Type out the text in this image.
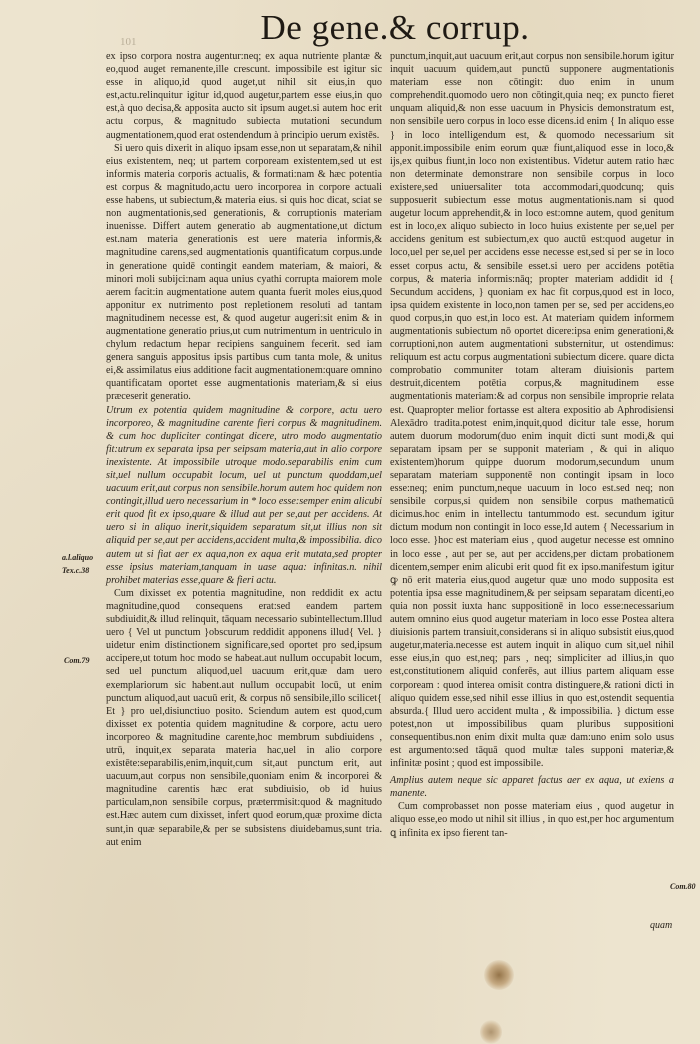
De gene.& corrup.
101

ex ipso corpora nostra augentur:neq; ex aqua nutriente plantæ & eo,quod auget remanente,ille crescunt. impossibile est igitur sic esse in aliquo,id quod auget,ut nihil sit eius,in quo est,actu.relinquitur igitur id,quod augetur,partem esse eius,in quo est,à quo decisa,& apposita aucto sit ipsum auget.si autem hoc erit actu corpus, & magnitudo subiecta mutationi secundum augmentationem,quod erat ostendendum à principio uerum existēs.

Si uero quis dixerit in aliquo ipsam esse,non ut separatam,& nihil eius existentem, neq; ut partem corpoream existentem,sed ut est informis materia corporis actualis, & formati:nam & hæc potentia est corpus & magnitudo,actu uero incorporea in corpore actuali esse habens, ut subiectum,& materia eius. si quis hoc dicat, sciat se non augmentationis,sed generationis, & corruptionis materiam inuenisse. Differt autem generatio ab augmentatione,ut dictum est.nam materia generationis est uere materia informis,& magnitudine carens,sed augmentationis quantificatum corpus.unde in generatione quidē contingit eandem materiam, & maiori, & minori moli subijci:nam aqua unius cyathi corrupta maiorem mole aerem facit:in augmentatione autem quanta fuerit moles eius,quod apponitur ex nutrimento post repletionem resoluti ad tantam magnitudinem necesse est, & quod augetur augeri:sit enim & in augmentatione generatio prius,ut cum nutrimentum in uentriculo in chylum redactum hepar recipiens sanguinem fecerit. sed iam genera sanguis appositus ipsis partibus cum tanta mole, & unitus ei,& assimilatus eius additione facit augmentationem:quare omnino quantificatam oportet esse augmentationis materiam,& si eius præceserit generatio.

Utrum ex potentia quidem magnitudine & corpore, actu uero incorporeo, & magnitudine carente fieri corpus & magnitudinem. & cum hoc dupliciter contingat dicere, utro modo augmentatio fit:utrum ex separata ipsa per seipsam materia,aut in alio corpore inexistente. At impossibile utroque modo.separabilis enim cum sit,uel nullum occupabit locum, uel ut punctum quoddam,uel uacuum erit,aut corpus non sensibile.horum autem hoc quidem non contingit,illud uero necessarium in * loco esse:semper enim alicubi erit quod fit ex ipso,quare & illud aut per se,aut per accidens. At uero si in aliquo inerit,siquidem separatum sit,ut illius non sit aliquid per se,aut per accidens,accident multa,& impossibilia. dico autem ut si fiat aer ex aqua,non ex aqua erit mutata,sed propter esse ipsius materiam,tanquam in uase aqua: infinitas.n. nihil prohibet materias esse,quare & fieri actu.

Cum dixisset ex potentia magnitudine, non reddidit ex actu magnitudine,quod consequens erat:sed eandem partem subdiuidit,& illud relinquit, tāquam necessario subintellectum.Illud uero { Vel ut punctum }obscurum reddidit apponens illud{ Vel. } uidetur enim distinctionem significare,sed oportet pro sed,ipsum accipere,ut totum hoc modo se habeat.aut nullum occupabit locum, sed uel punctum aliquod,uel uacuum erit,quæ dam uero exemplariorum sic habent.aut nullum occupabit locū, ut enim punctum aliquod,aut uacuū erit, & corpus nō sensibile,illo scilicet{ Et } pro uel,disiunctiuo posito. Sciendum autem est quod,cum dixisset ex potentia quidem magnitudine & corpore, actu uero incorporeo & magnitudine carente,hoc membrum subdiuidens , utrū, inquit,ex separata materia hac,uel in alio corpore existēte:separabilis,enim,inquit,cum sit,aut punctum erit, aut uacuum,aut corpus non sensibile,quoniam enim & incorporei & magnitudine carentis hæc erat subdiuisio, ob id huius particulam,non sensibile corpus, præterrmisit:quod & magnitudo est.Hæc autem cum dixisset, infert quod eorum,quæ proxime dicta sunt,in quæ separabile,& per se subsistens diuidebamus,sunt tria. aut enim

punctum,inquit,aut uacuum erit,aut corpus non sensibile.horum igitur inquit uacuum quidem,aut punctū supponere augmentationis materiam esse non cōtingit: duo enim in unum comprehendit.quomodo uero non cōtingit,quia neq; ex puncto fieret unquam aliquid,& non esse uacuum in Physicis demonstratum est, non sensibile uero corpus in loco esse dicens.id enim { In aliquo esse } in loco intelligendum est, & quomodo necessarium sit apponit.impossibile enim eorum quæ fiunt,aliquod esse in loco,& ijs,ex quibus fiunt,in loco non existentibus. Videtur autem ratio hæc non determinate demonstrare non sensibile corpus in loco existere,sed uniuersaliter tota accommodari,quodcunq; quis supposuerit subiectum esse motus augmentationis.nam si quod augetur locum apprehendit,& in loco est:omne autem, quod genitum est in loco,ex aliquo subiecto in loco huius existente per se,uel per accidens genitum est subiectum,ex quo auctū est:quod augetur in loco,uel per se,uel per accidens esse necesse est,sed si per se in loco esset corpus actu, & sensibile esset.si uero per accidens potētia corpus, & materia informis:nāq; propter materiam addidit id { Secundum accidens, } quoniam ex hac fit corpus,quod est in loco, ipsa quidem existente in loco,non tamen per se, sed per accidens,eo quod corpus,in quo est,in loco est. At materiam quidem informem augmentationis subiectum nō oportet dicere:ipsa enim generationi,& corruptioni,non autem augmentationi substernitur, ut ostendimus: reliquum est actu corpus augmentationi subiectum dicere. quare dicta comprobatio communiter totam alteram diuisionis partem destruit,dicentem potētia corpus,& magnitudinem esse augmentationis materiam:& ad corpus non sensibile improprie relata est. Quapropter melior fortasse est altera expositio ab Aphrodisiensi Alexādro tradita.potest enim,inquit,quod dicitur tale esse, horum autem duorum modorum(duo enim inquit dicti sunt modi,& qui separatam ipsam per se supponit materiam , & qui in aliquo existentem)horum quippe duorum modorum,secundum unum separatam materiam supponentē non contingit ipsam in loco esse:neq; enim punctum,neque uacuum in loco est.sed neq; non sensibile corpus,si quidem non sensibile corpus mathematicū dicimus.hoc enim in intellectu tantummodo est. secundum igitur dictum modum non contingit in loco esse,Id autem { Necessarium in loco esse. }hoc est materiam eius , quod augetur necesse est omnino in loco esse , aut per se, aut per accidens,per dictam probationem dicentem,semper enim alicubi erit quod fit ex ipso.manifestum igitur ꝙ nō erit materia eius,quod augetur quæ uno modo supposita est potentia ipsa esse magnitudinem,& per seipsam separatam dicenti,eo quia non possit iuxta hanc suppositionē in loco esse:necessarium autem omnino eius quod augetur materiam in loco esse Postea altera diuisionis partem transiuit,considerans si in aliquo subsistit eius,quod augetur,materia.necesse est autem inquit in aliquo cum sit,uel nihil esse eius,in quo est,neq; pars , neq; simpliciter ad illius,in quo est,constitutionem aliquid conferēs, aut illius partem aliquam esse corpoream : quod interea omisit contra distinguere,& rationi dicti in aliquo quidem esse,sed nihil esse illius in quo est,ostendit sequentia absurda.{ Illud uero accident multa , & impossibilia. } dictum esse potest,non ut impossibilibus quam pluribus suppositioni consequentibus.non enim dixit multa quæ dam:uno enim solo usus est argumento:sed tāquā quod multæ tales supponi materiæ,& infinitæ posint ; quod est impossibile.

Amplius autem neque sic apparet factus aer ex aqua, ut exiens a manente.

Cum comprobasset non posse materiam eius , quod augetur in aliquo esse,eo modo ut nihil sit illius , in quo est,per hoc argumentum ꝗ infinita ex ipso fierent tan-

quam
a.l.aliquo
Tex.c.38
Com.79
Com.80
